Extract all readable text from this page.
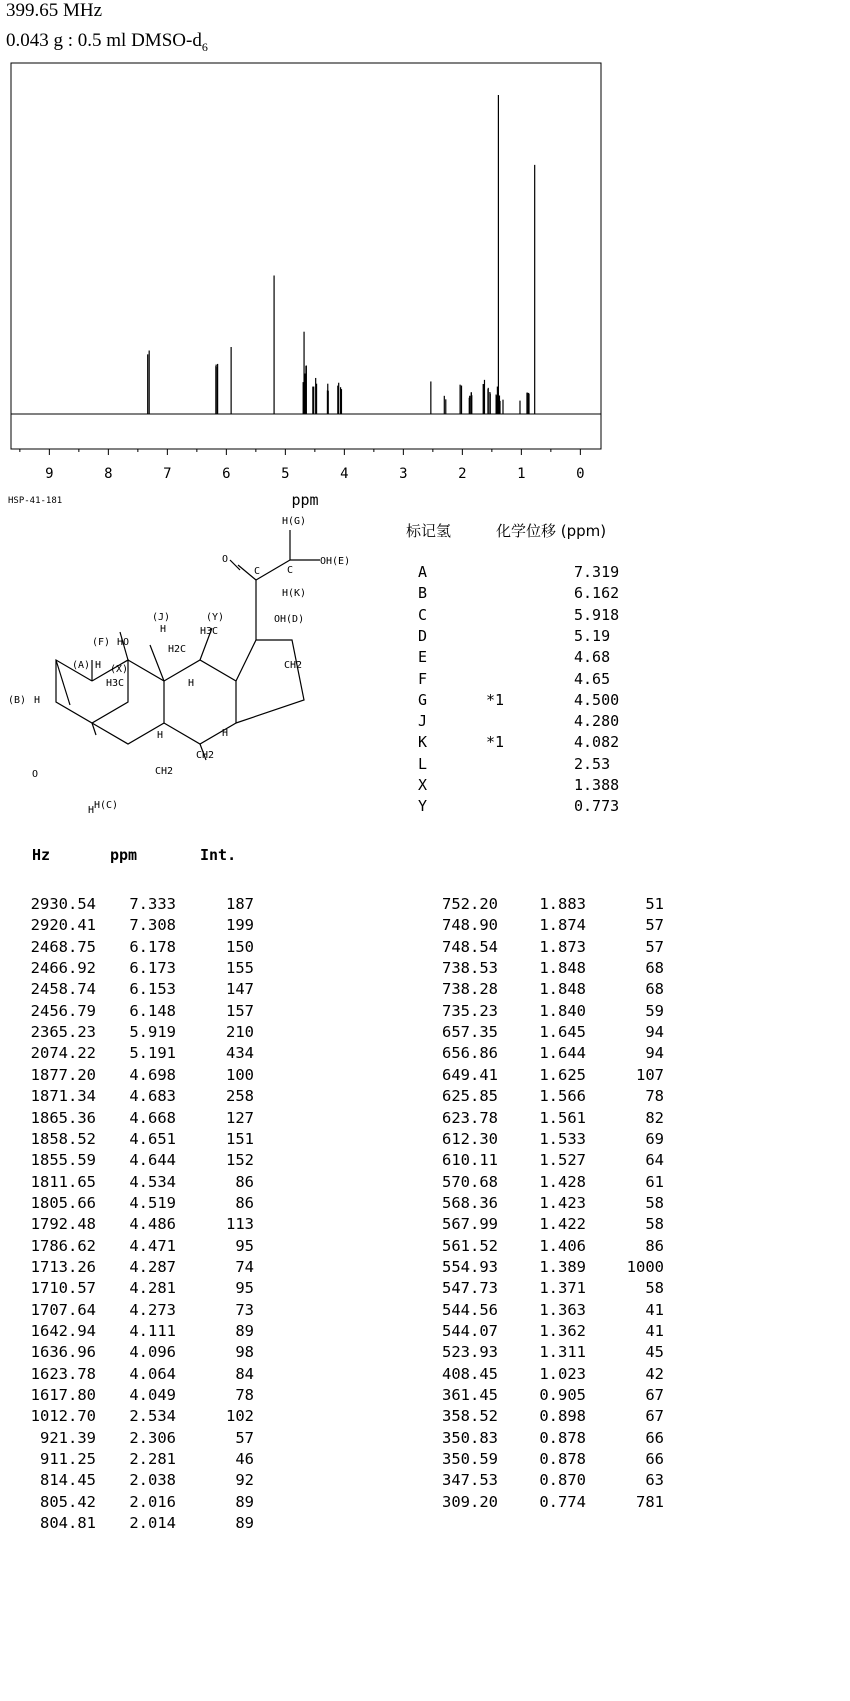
399.65 MHz
0.043 g : 0.5 ml DMSO-$d_6$
9	8	7	6	5	4	3	2	1	0
ppm
HSP-41-181
H(G)
O
C	C
OH(E)
H(K)
(J)
H
(Y)
H3C
OH(D)
(F) HO
H2C
CH2
(A) H (X)
H3C	H
(B) H
H	H
CH2
O	CH2
H H(C)
标记氢	化学位移 (ppm)
A	7.319
B	6.162
C	5.918
D	5.19
E	4.68
F	4.65
G	*1	4.500
J	4.280
K	*1	4.082
L	2.53
X	1.388
Y	0.773
Hz	ppm	Int.
2930.54	7.333	187
2920.41	7.308	199
2468.75	6.178	150
2466.92	6.173	155
2458.74	6.153	147
2456.79	6.148	157
2365.23	5.919	210
2074.22	5.191	434
1877.20	4.698	100
1871.34	4.683	258
1865.36	4.668	127
1858.52	4.651	151
1855.59	4.644	152
1811.65	4.534	86
1805.66	4.519	86
1792.48	4.486	113
1786.62	4.471	95
1713.26	4.287	74
1710.57	4.281	95
1707.64	4.273	73
1642.94	4.111	89
1636.96	4.096	98
1623.78	4.064	84
1617.80	4.049	78
1012.70	2.534	102
921.39	2.306	57
911.25	2.281	46
814.45	2.038	92
805.42	2.016	89
804.81	2.014	89
752.20	1.883	51
748.90	1.874	57
748.54	1.873	57
738.53	1.848	68
738.28	1.848	68
735.23	1.840	59
657.35	1.645	94
656.86	1.644	94
649.41	1.625	107
625.85	1.566	78
623.78	1.561	82
612.30	1.533	69
610.11	1.527	64
570.68	1.428	61
568.36	1.423	58
567.99	1.422	58
561.52	1.406	86
554.93	1.389	1000
547.73	1.371	58
544.56	1.363	41
544.07	1.362	41
523.93	1.311	45
408.45	1.023	42
361.45	0.905	67
358.52	0.898	67
350.83	0.878	66
350.59	0.878	66
347.53	0.870	63
309.20	0.774	781
